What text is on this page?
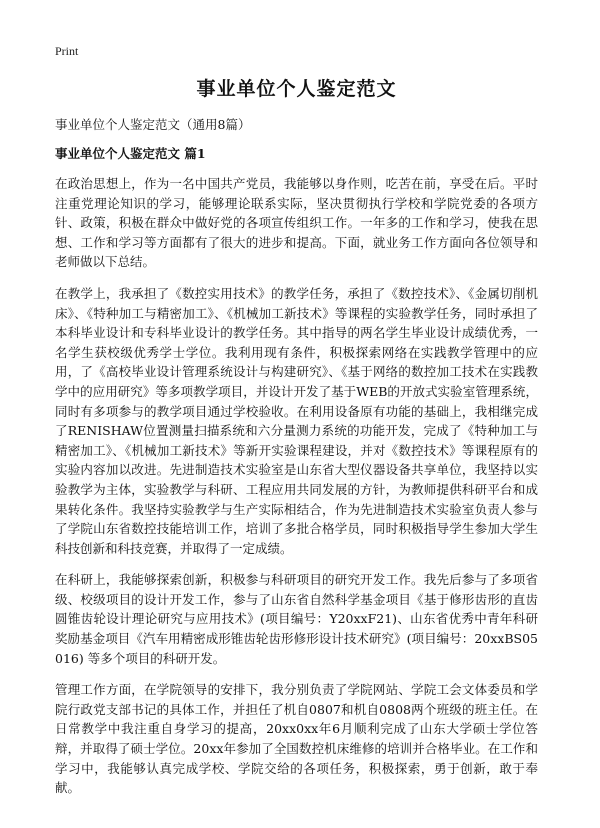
Print
事业单位个人鉴定范文
事业单位个人鉴定范文（通用8篇）
事业单位个人鉴定范文 篇1

在政治思想上，作为一名中国共产党员，我能够以身作则，吃苦在前，享受在后。平时注重党理论知识的学习，能够理论联系实际，坚决贯彻执行学校和学院党委的各项方针、政策，积极在群众中做好党的各项宣传组织工作。一年多的工作和学习，使我在思想、工作和学习等方面都有了很大的进步和提高。下面，就业务工作方面向各位领导和老师做以下总结。

在教学上，我承担了《数控实用技术》的教学任务，承担了《数控技术》、《金属切削机床》、《特种加工与精密加工》、《机械加工新技术》等课程的实验教学任务，同时承担了本科毕业设计和专科毕业设计的教学任务。其中指导的两名学生毕业设计成绩优秀，一名学生获校级优秀学士学位。我利用现有条件，积极探索网络在实践教学管理中的应用，了《高校毕业设计管理系统设计与构建研究》、《基于网络的数控加工技术在实践教学中的应用研究》等多项教学项目，并设计开发了基于WEB的开放式实验室管理系统，同时有多项参与的教学项目通过学校验收。在利用设备原有功能的基础上，我相继完成了RENISHAW位置测量扫描系统和六分量测力系统的功能开发，完成了《特种加工与精密加工》、《机械加工新技术》等新开实验课程建设，并对《数控技术》等课程原有的实验内容加以改进。先进制造技术实验室是山东省大型仪器设备共享单位，我坚持以实验教学为主体，实验教学与科研、工程应用共同发展的方针，为教师提供科研平台和成果转化条件。我坚持实验教学与生产实际相结合，作为先进制造技术实验室负责人参与了学院山东省数控技能培训工作，培训了多批合格学员，同时积极指导学生参加大学生科技创新和科技竞赛，并取得了一定成绩。

在科研上，我能够探索创新，积极参与科研项目的研究开发工作。我先后参与了多项省级、校级项目的设计开发工作，参与了山东省自然科学基金项目《基于修形齿形的直齿圆锥齿轮设计理论研究与应用技术》(项目编号：Y20xxF21)、山东省优秀中青年科研奖励基金项目《汽车用精密成形锥齿轮齿形修形设计技术研究》(项目编号：20xxBS05016) 等多个项目的科研开发。

管理工作方面，在学院领导的安排下，我分别负责了学院网站、学院工会文体委员和学院行政党支部书记的具体工作，并担任了机自0807和机自0808两个班级的班主任。在日常教学中我注重自身学习的提高，20xx0xx年6月顺利完成了山东大学硕士学位答辩，并取得了硕士学位。20xx年参加了全国数控机床维修的培训并合格毕业。在工作和学习中，我能够认真完成学校、学院交给的各项任务，积极探索，勇于创新，敢于奉献。
